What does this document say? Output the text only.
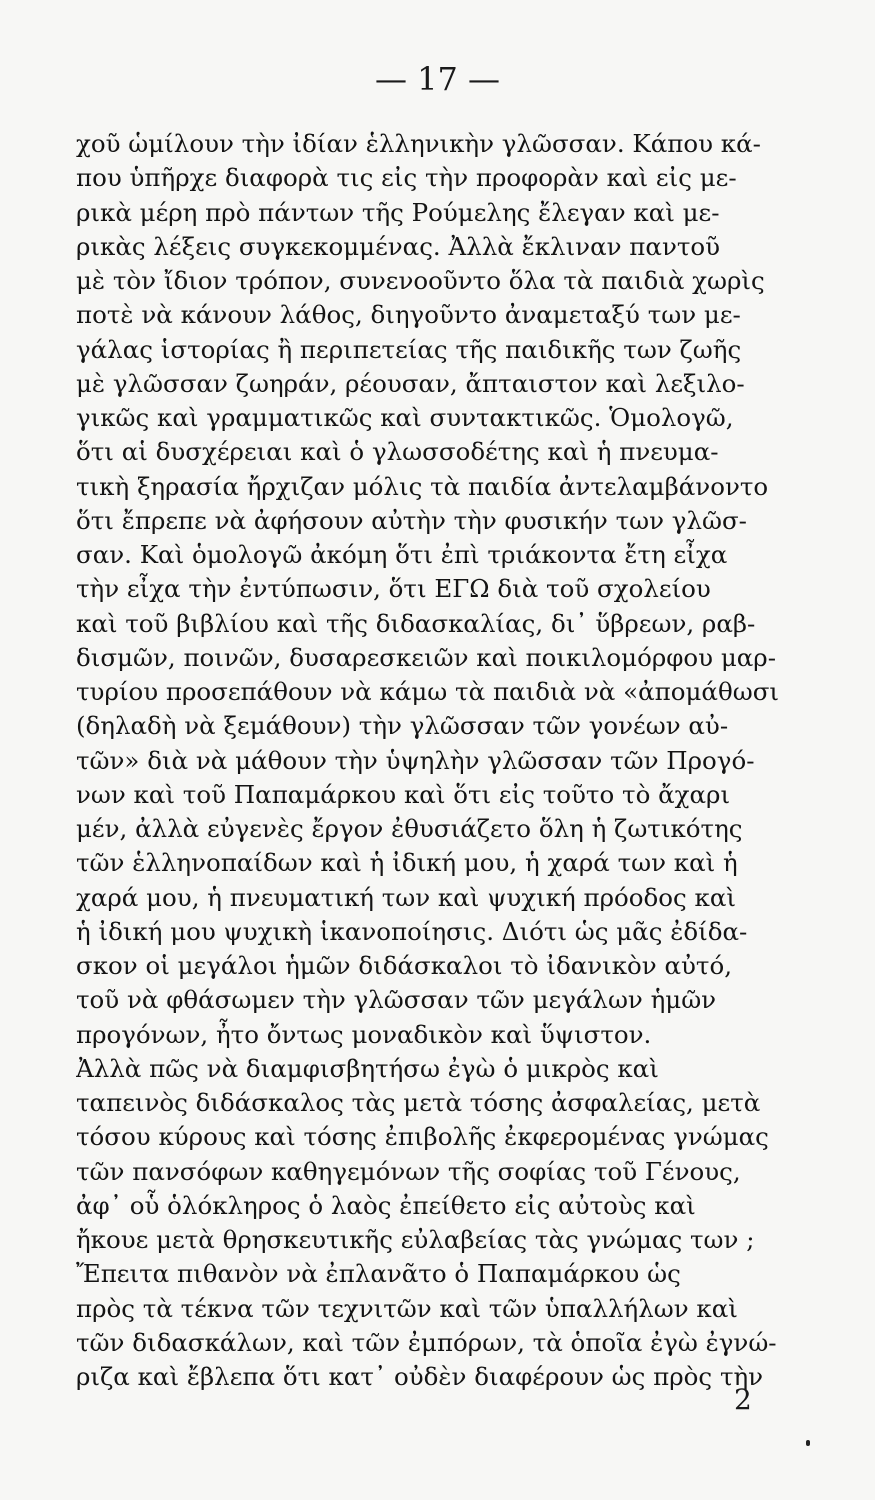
— 17 —
χοῦ ὡμίλουν τὴν ἰδίαν ἑλληνικὴν γλῶσσαν. Κάπου κά-
που ὑπῆρχε διαφορὰ τις εἰς τὴν προφορὰν καὶ εἰς με-
ρικὰ μέρη πρὸ πάντων τῆς Ρούμελης ἔλεγαν καὶ με-
ρικὰς λέξεις συγκεκομμένας. Ἀλλὰ ἔκλιναν παντοῦ
μὲ τὸν ἴδιον τρόπον, συνενοοῦντο ὅλα τὰ παιδιὰ χωρὶς
ποτὲ νὰ κάνουν λάθος, διηγοῦντο ἀναμεταξύ των με-
γάλας ἱστορίας ἢ περιπετείας τῆς παιδικῆς των ζωῆς
μὲ γλῶσσαν ζωηράν, ρέουσαν, ἄπταιστον καὶ λεξιλο-
γικῶς καὶ γραμματικῶς καὶ συντακτικῶς. Ὁμολογῶ,
ὅτι αἱ δυσχέρειαι καὶ ὁ γλωσσοδέτης καὶ ἡ πνευμα-
τικὴ ξηρασία ἤρχιζαν μόλις τὰ παιδία ἀντελαμβάνοντο
ὅτι ἔπρεπε νὰ ἀφήσουν αὐτὴν τὴν φυσικήν των γλῶσ-
σαν. Καὶ ὁμολογῶ ἀκόμη ὅτι ἐπὶ τριάκοντα ἔτη εἶχα
τὴν εἶχα τὴν ἐντύπωσιν, ὅτι ΕΓΩ διὰ τοῦ σχολείου
καὶ τοῦ βιβλίου καὶ τῆς διδασκαλίας, δι᾿ ὕβρεων, ραβ-
δισμῶν, ποινῶν, δυσαρεσκειῶν καὶ ποικιλομόρφου μαρ-
τυρίου προσεπάθουν νὰ κάμω τὰ παιδιὰ νὰ «ἀπομάθωσι
(δηλαδὴ νὰ ξεμάθουν) τὴν γλῶσσαν τῶν γονέων αὐ-
τῶν» διὰ νὰ μάθουν τὴν ὑψηλὴν γλῶσσαν τῶν Προγό-
νων καὶ τοῦ Παπαμάρκου καὶ ὅτι εἰς τοῦτο τὸ ἄχαρι
μέν, ἀλλὰ εὐγενὲς ἔργον ἐθυσιάζετο ὅλη ἡ ζωτικότης
τῶν ἑλληνοπαίδων καὶ ἡ ἰδική μου, ἡ χαρά των καὶ ἡ
χαρά μου, ἡ πνευματική των καὶ ψυχική πρόοδος καὶ
ἡ ἰδική μου ψυχικὴ ἱκανοποίησις. Διότι ὡς μᾶς ἐδίδα-
σκον οἱ μεγάλοι ἡμῶν διδάσκαλοι τὸ ἰδανικὸν αὐτό,
τοῦ νὰ φθάσωμεν τὴν γλῶσσαν τῶν μεγάλων ἡμῶν
προγόνων, ἦτο ὄντως μοναδικὸν καὶ ὕψιστον.
Ἀλλὰ πῶς νὰ διαμφισβητήσω ἐγὼ ὁ μικρὸς καὶ
ταπεινὸς διδάσκαλος τὰς μετὰ τόσης ἀσφαλείας, μετὰ
τόσου κύρους καὶ τόσης ἐπιβολῆς ἐκφερομένας γνώμας
τῶν πανσόφων καθηγεμόνων τῆς σοφίας τοῦ Γένους,
ἀφ᾿ οὗ ὁλόκληρος ὁ λαὸς ἐπείθετο εἰς αὐτοὺς καὶ
ἤκουε μετὰ θρησκευτικῆς εὐλαβείας τὰς γνώμας των ;
Ἔπειτα πιθανὸν νὰ ἐπλανᾶτο ὁ Παπαμάρκου ὡς
πρὸς τὰ τέκνα τῶν τεχνιτῶν καὶ τῶν ὑπαλλήλων καὶ
τῶν διδασκάλων, καὶ τῶν ἐμπόρων, τὰ ὁποῖα ἐγὼ ἐγνώ-
ριζα καὶ ἔβλεπα ὅτι κατ᾿ οὐδὲν διαφέρουν ὡς πρὸς τὴν
2
